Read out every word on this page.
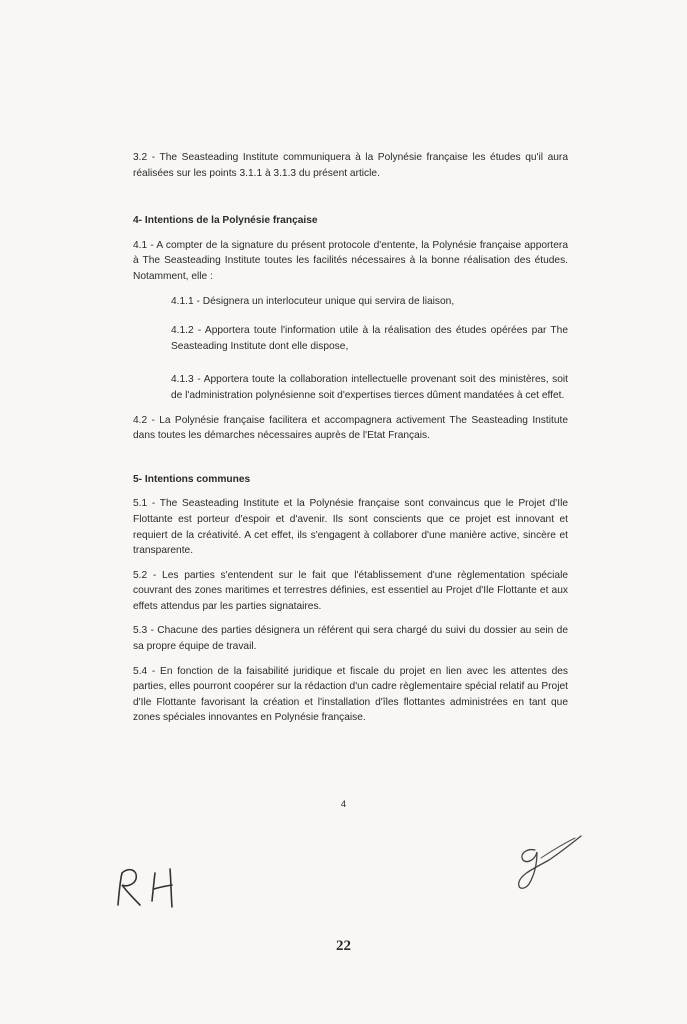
3.2 - The Seasteading Institute communiquera à la Polynésie française les études qu'il aura réalisées sur les points 3.1.1 à 3.1.3 du présent article.

4- Intentions de la Polynésie française

4.1 - A compter de la signature du présent protocole d'entente, la Polynésie française apportera à The Seasteading Institute toutes les facilités nécessaires à la bonne réalisation des études. Notamment, elle :

4.1.1 - Désignera un interlocuteur unique qui servira de liaison,

4.1.2 - Apportera toute l'information utile à la réalisation des études opérées par The Seasteading Institute dont elle dispose,

4.1.3 - Apportera toute la collaboration intellectuelle provenant soit des ministères, soit de l'administration polynésienne soit d'expertises tierces dûment mandatées à cet effet.

4.2 - La Polynésie française facilitera et accompagnera activement The Seasteading Institute dans toutes les démarches nécessaires auprès de l'Etat Français.

5- Intentions communes

5.1 - The Seasteading Institute et la Polynésie française sont convaincus que le Projet d'Ile Flottante est porteur d'espoir et d'avenir. Ils sont conscients que ce projet est innovant et requiert de la créativité. A cet effet, ils s'engagent à collaborer d'une manière active, sincère et transparente.

5.2 - Les parties s'entendent sur le fait que l'établissement d'une règlementation spéciale couvrant des zones maritimes et terrestres définies, est essentiel au Projet d'Ile Flottante et aux effets attendus par les parties signataires.

5.3 - Chacune des parties désignera un référent qui sera chargé du suivi du dossier au sein de sa propre équipe de travail.

5.4 - En fonction de la faisabilité juridique et fiscale du projet en lien avec les attentes des parties, elles pourront coopérer sur la rédaction d'un cadre règlementaire spécial relatif au Projet d'Ile Flottante favorisant la création et l'installation d'îles flottantes administrées en tant que zones spéciales innovantes en Polynésie française.

4
22
